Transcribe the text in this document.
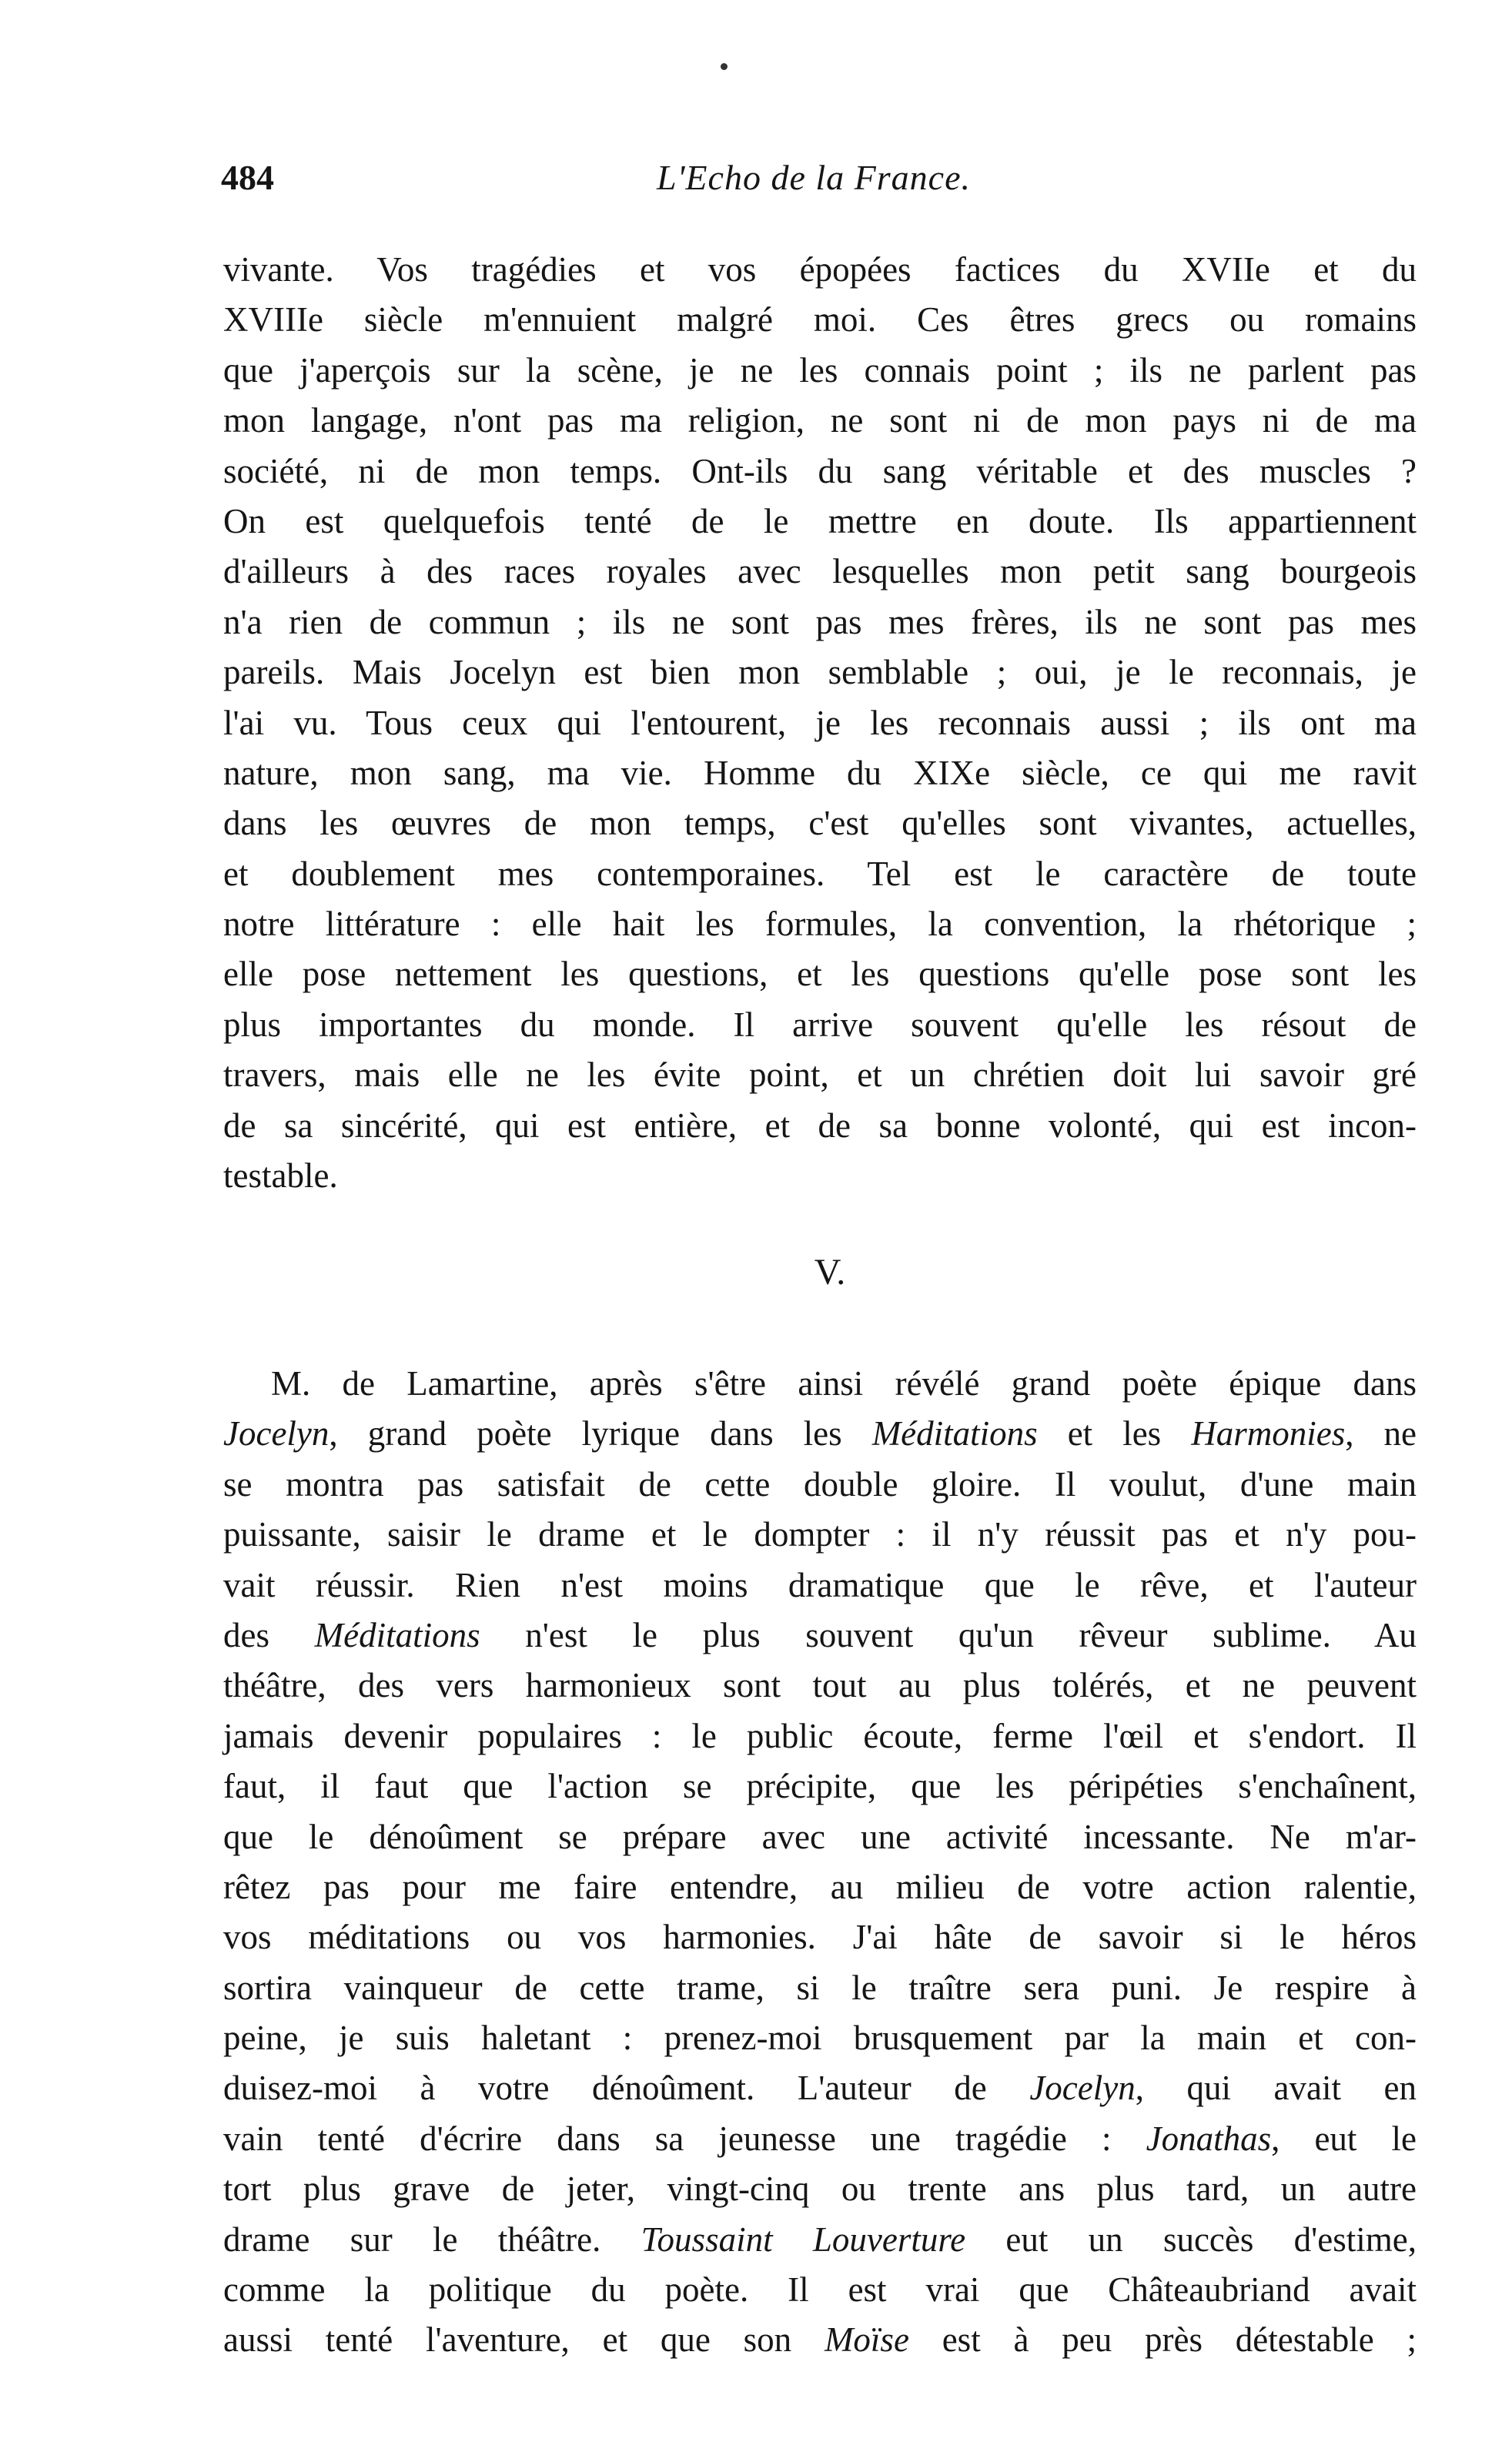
484	L'Echo de la France.
vivante. Vos tragédies et vos épopées factices du XVIIe et du
XVIIIe siècle m'ennuient malgré moi. Ces êtres grecs ou romains
que j'aperçois sur la scène, je ne les connais point ; ils ne parlent pas
mon langage, n'ont pas ma religion, ne sont ni de mon pays ni de ma
société, ni de mon temps. Ont-ils du sang véritable et des muscles ?
On est quelquefois tenté de le mettre en doute. Ils appartiennent
d'ailleurs à des races royales avec lesquelles mon petit sang bourgeois
n'a rien de commun ; ils ne sont pas mes frères, ils ne sont pas mes
pareils. Mais Jocelyn est bien mon semblable ; oui, je le reconnais, je
l'ai vu. Tous ceux qui l'entourent, je les reconnais aussi ; ils ont ma
nature, mon sang, ma vie. Homme du XIXe siècle, ce qui me ravit
dans les œuvres de mon temps, c'est qu'elles sont vivantes, actuelles,
et doublement mes contemporaines. Tel est le caractère de toute
notre littérature : elle hait les formules, la convention, la rhétorique ;
elle pose nettement les questions, et les questions qu'elle pose sont les
plus importantes du monde. Il arrive souvent qu'elle les résout de
travers, mais elle ne les évite point, et un chrétien doit lui savoir gré
de sa sincérité, qui est entière, et de sa bonne volonté, qui est incon-
testable.
V.
M. de Lamartine, après s'être ainsi révélé grand poète épique dans
Jocelyn, grand poète lyrique dans les Méditations et les Harmonies, ne
se montra pas satisfait de cette double gloire. Il voulut, d'une main
puissante, saisir le drame et le dompter : il n'y réussit pas et n'y pou-
vait réussir. Rien n'est moins dramatique que le rêve, et l'auteur
des Méditations n'est le plus souvent qu'un rêveur sublime. Au
théâtre, des vers harmonieux sont tout au plus tolérés, et ne peuvent
jamais devenir populaires : le public écoute, ferme l'œil et s'endort. Il
faut, il faut que l'action se précipite, que les péripéties s'enchaînent,
que le dénoûment se prépare avec une activité incessante. Ne m'ar-
rêtez pas pour me faire entendre, au milieu de votre action ralentie,
vos méditations ou vos harmonies. J'ai hâte de savoir si le héros
sortira vainqueur de cette trame, si le traître sera puni. Je respire à
peine, je suis haletant : prenez-moi brusquement par la main et con-
duisez-moi à votre dénoûment. L'auteur de Jocelyn, qui avait en
vain tenté d'écrire dans sa jeunesse une tragédie : Jonathas, eut le
tort plus grave de jeter, vingt-cinq ou trente ans plus tard, un autre
drame sur le théâtre. Toussaint Louverture eut un succès d'estime,
comme la politique du poète. Il est vrai que Châteaubriand avait
aussi tenté l'aventure, et que son Moïse est à peu près détestable ;
